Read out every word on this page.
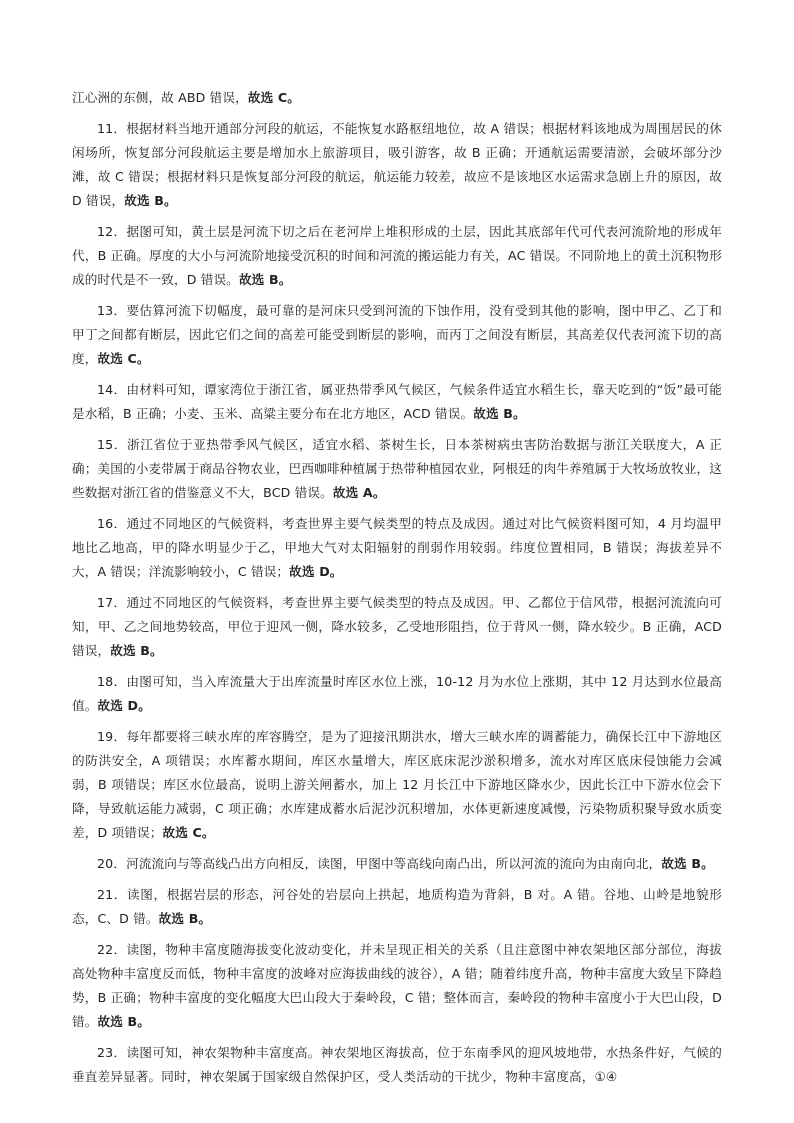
江心洲的东侧，故 ABD 错误，故选 C。

11．根据材料当地开通部分河段的航运，不能恢复水路枢纽地位，故 A 错误；根据材料该地成为周围居民的休闲场所，恢复部分河段航运主要是增加水上旅游项目，吸引游客，故 B 正确；开通航运需要清淤，会破坏部分沙滩，故 C 错误；根据材料只是恢复部分河段的航运，航运能力较差，故应不是该地区水运需求急剧上升的原因，故 D 错误，故选 B。

12．据图可知，黄土层是河流下切之后在老河岸上堆积形成的土层，因此其底部年代可代表河流阶地的形成年代，B 正确。厚度的大小与河流阶地接受沉积的时间和河流的搬运能力有关，AC 错误。不同阶地上的黄土沉积物形成的时代是不一致，D 错误。故选 B。

13．要估算河流下切幅度，最可靠的是河床只受到河流的下蚀作用，没有受到其他的影响，图中甲乙、乙丁和甲丁之间都有断层，因此它们之间的高差可能受到断层的影响，而丙丁之间没有断层，其高差仅代表河流下切的高度，故选 C。

14．由材料可知，谭家湾位于浙江省，属亚热带季风气候区，气候条件适宜水稻生长，靠天吃到的“饭”最可能是水稻，B 正确；小麦、玉米、高粱主要分布在北方地区，ACD 错误。故选 B。

15．浙江省位于亚热带季风气候区，适宜水稻、茶树生长，日本茶树病虫害防治数据与浙江关联度大，A 正确；美国的小麦带属于商品谷物农业，巴西咖啡种植属于热带种植园农业，阿根廷的肉牛养殖属于大牧场放牧业，这些数据对浙江省的借鉴意义不大，BCD 错误。故选 A。

16．通过不同地区的气候资料，考查世界主要气候类型的特点及成因。通过对比气候资料图可知，4 月均温甲地比乙地高，甲的降水明显少于乙，甲地大气对太阳辐射的削弱作用较弱。纬度位置相同，B 错误；海拔差异不大，A 错误；洋流影响较小，C 错误；故选 D。

17．通过不同地区的气候资料，考查世界主要气候类型的特点及成因。甲、乙都位于信风带，根据河流流向可知，甲、乙之间地势较高，甲位于迎风一侧，降水较多，乙受地形阻挡，位于背风一侧，降水较少。B 正确，ACD 错误，故选 B。

18．由图可知，当入库流量大于出库流量时库区水位上涨，10-12 月为水位上涨期，其中 12 月达到水位最高值。故选 D。

19．每年都要将三峡水库的库容腾空，是为了迎接汛期洪水，增大三峡水库的调蓄能力，确保长江中下游地区的防洪安全，A 项错误；水库蓄水期间，库区水量增大，库区底床泥沙淤积增多，流水对库区底床侵蚀能力会减弱，B 项错误；库区水位最高，说明上游关闸蓄水，加上 12 月长江中下游地区降水少，因此长江中下游水位会下降，导致航运能力减弱，C 项正确；水库建成蓄水后泥沙沉积增加，水体更新速度减慢，污染物质积聚导致水质变差，D 项错误；故选 C。

20．河流流向与等高线凸出方向相反，读图，甲图中等高线向南凸出，所以河流的流向为由南向北，故选 B。

21．读图，根据岩层的形态，河谷处的岩层向上拱起，地质构造为背斜，B 对。A 错。谷地、山岭是地貌形态，C、D 错。故选 B。

22．读图，物种丰富度随海拔变化波动变化，并未呈现正相关的关系（且注意图中神农架地区部分部位，海拔高处物种丰富度反而低，物种丰富度的波峰对应海拔曲线的波谷），A 错；随着纬度升高，物种丰富度大致呈下降趋势，B 正确；物种丰富度的变化幅度大巴山段大于秦岭段，C 错；整体而言，秦岭段的物种丰富度小于大巴山段，D 错。故选 B。

23．读图可知，神农架物种丰富度高。神农架地区海拔高，位于东南季风的迎风坡地带，水热条件好，气候的垂直差异显著。同时，神农架属于国家级自然保护区，受人类活动的干扰少，物种丰富度高，①④
